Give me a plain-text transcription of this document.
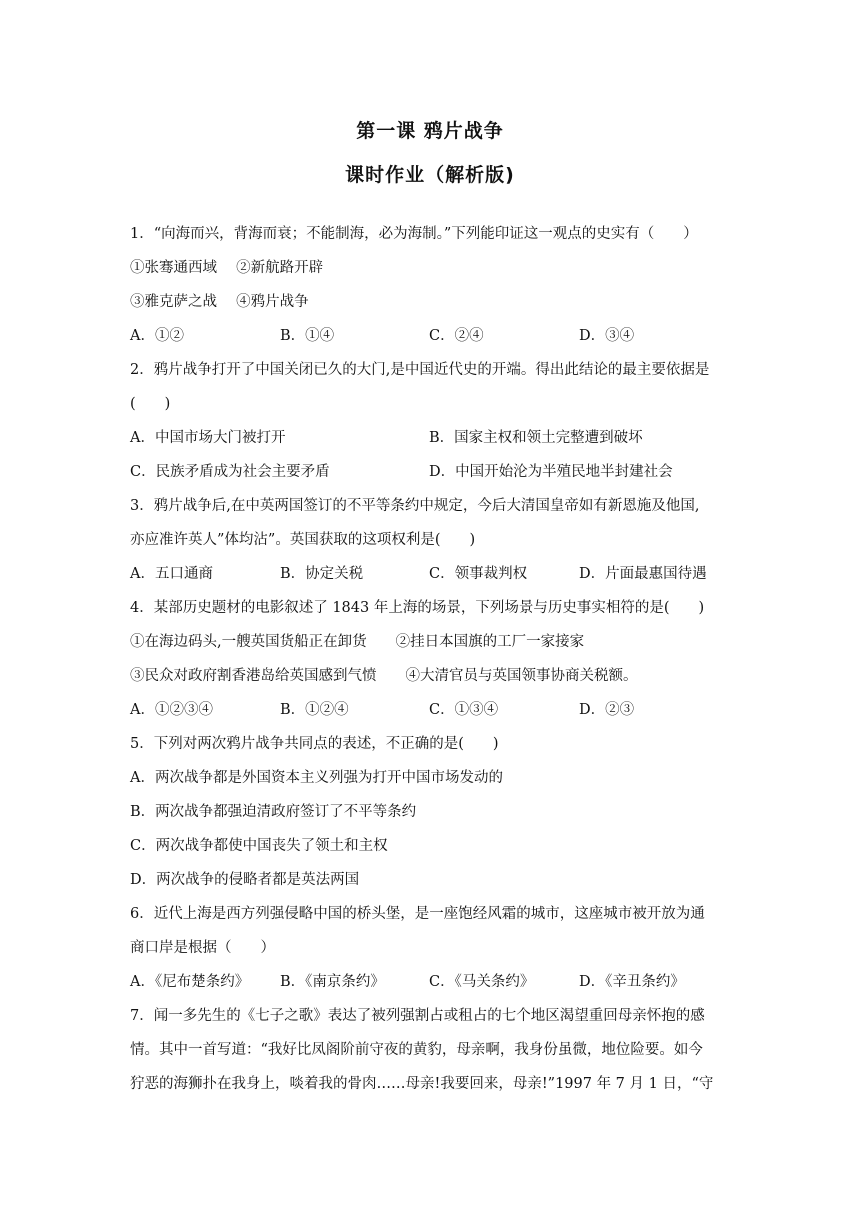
第一课 鸦片战争
课时作业（解析版)
1．“向海而兴，背海而衰；不能制海，必为海制。”下列能印证这一观点的史实有（　　）
①张骞通西域　 ②新航路开辟
③雅克萨之战　 ④鸦片战争
A．①②	B．①④	C．②④	D．③④
2．鸦片战争打开了中国关闭已久的大门,是中国近代史的开端。得出此结论的最主要依据是
(　　)
A．中国市场大门被打开	B．国家主权和领土完整遭到破坏
C．民族矛盾成为社会主要矛盾	D．中国开始沦为半殖民地半封建社会
3．鸦片战争后,在中英两国签订的不平等条约中规定，今后大清国皇帝如有新恩施及他国,
亦应准许英人”体均沾”。英国获取的这项权利是(　　)
A．五口通商	B．协定关税	C．领事裁判权	D．片面最惠国待遇
4．某部历史题材的电影叙述了 1843 年上海的场景，下列场景与历史事实相符的是(　　)
①在海边码头,一艘英国货船正在卸货　　②挂日本国旗的工厂一家接家
③民众对政府割香港岛给英国感到气愤　　④大清官员与英国领事协商关税额。
A．①②③④	B．①②④	C．①③④	D．②③
5．下列对两次鸦片战争共同点的表述，不正确的是(　　)
A．两次战争都是外国资本主义列强为打开中国市场发动的
B．两次战争都强迫清政府签订了不平等条约
C．两次战争都使中国丧失了领土和主权
D．两次战争的侵略者都是英法两国
6．近代上海是西方列强侵略中国的桥头堡，是一座饱经风霜的城市，这座城市被开放为通
商口岸是根据（　　）
A．《尼布楚条约》 B．《南京条约》	C．《马关条约》	D．《辛丑条约》
7．闻一多先生的《七子之歌》表达了被列强割占或租占的七个地区渴望重回母亲怀抱的感
情。其中一首写道：“我好比凤阁阶前守夜的黄豹，母亲啊，我身份虽微，地位险要。如今
狞恶的海狮扑在我身上，啖着我的骨肉……母亲!我要回来，母亲!”1997 年 7 月 1 日，“守
